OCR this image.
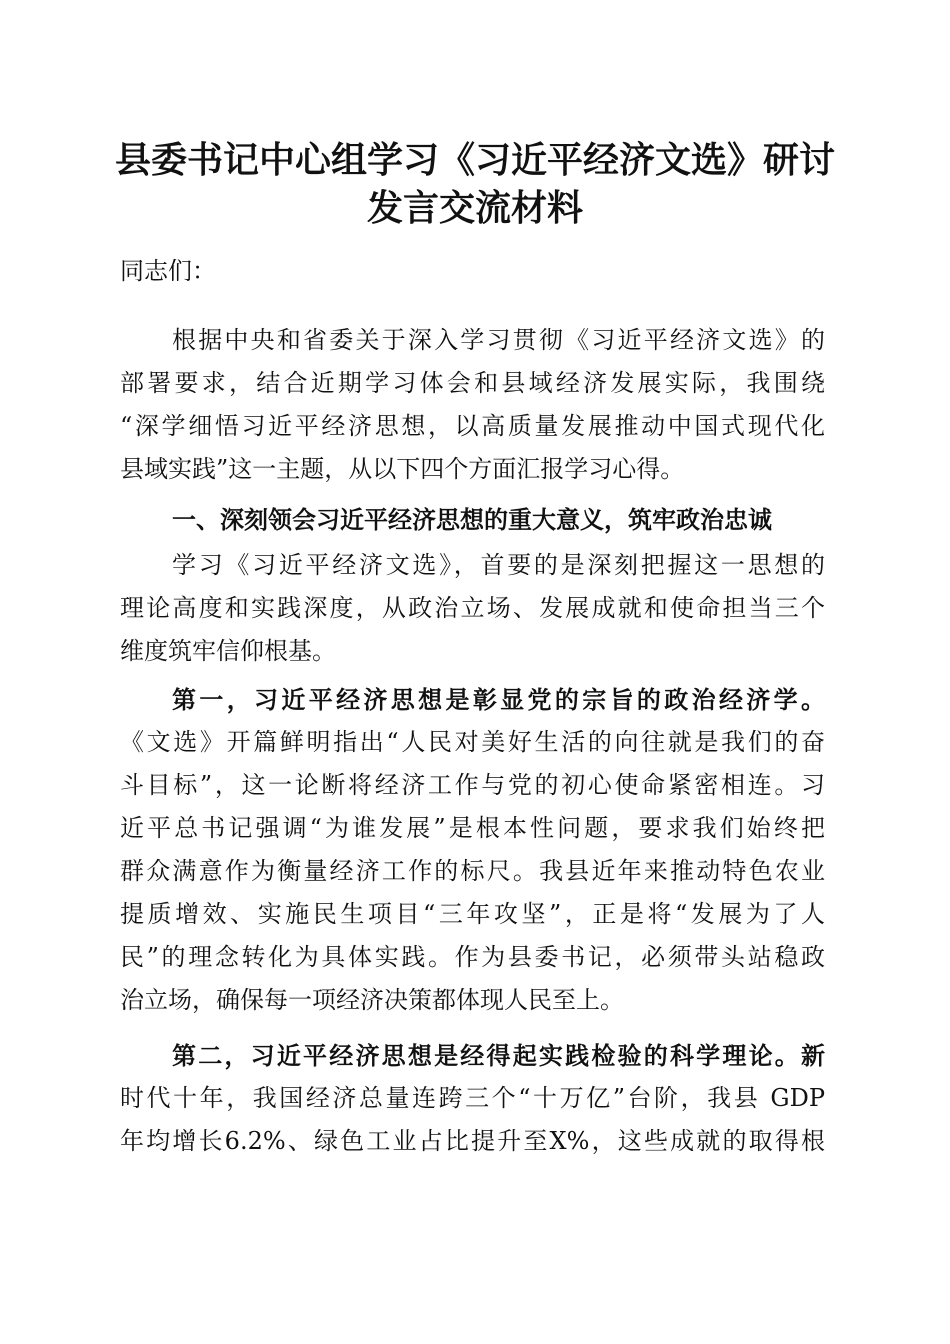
县委书记中心组学习《习近平经济文选》研讨
发言交流材料

同志们：

根据中央和省委关于深入学习贯彻《习近平经济文选》的
部署要求，结合近期学习体会和县域经济发展实际，我围绕
“深学细悟习近平经济思想，以高质量发展推动中国式现代化
县域实践”这一主题，从以下四个方面汇报学习心得。

一、深刻领会习近平经济思想的重大意义，筑牢政治忠诚

学习《习近平经济文选》，首要的是深刻把握这一思想的
理论高度和实践深度，从政治立场、发展成就和使命担当三个
维度筑牢信仰根基。

第一，习近平经济思想是彰显党的宗旨的政治经济学。
《文选》开篇鲜明指出“人民对美好生活的向往就是我们的奋
斗目标”，这一论断将经济工作与党的初心使命紧密相连。习
近平总书记强调“为谁发展”是根本性问题，要求我们始终把
群众满意作为衡量经济工作的标尺。我县近年来推动特色农业
提质增效、实施民生项目“三年攻坚”，正是将“发展为了人
民”的理念转化为具体实践。作为县委书记，必须带头站稳政
治立场，确保每一项经济决策都体现人民至上。

第二，习近平经济思想是经得起实践检验的科学理论。新
时代十年，我国经济总量连跨三个“十万亿”台阶，我县 GDP
年均增长6.2%、绿色工业占比提升至X%，这些成就的取得根
